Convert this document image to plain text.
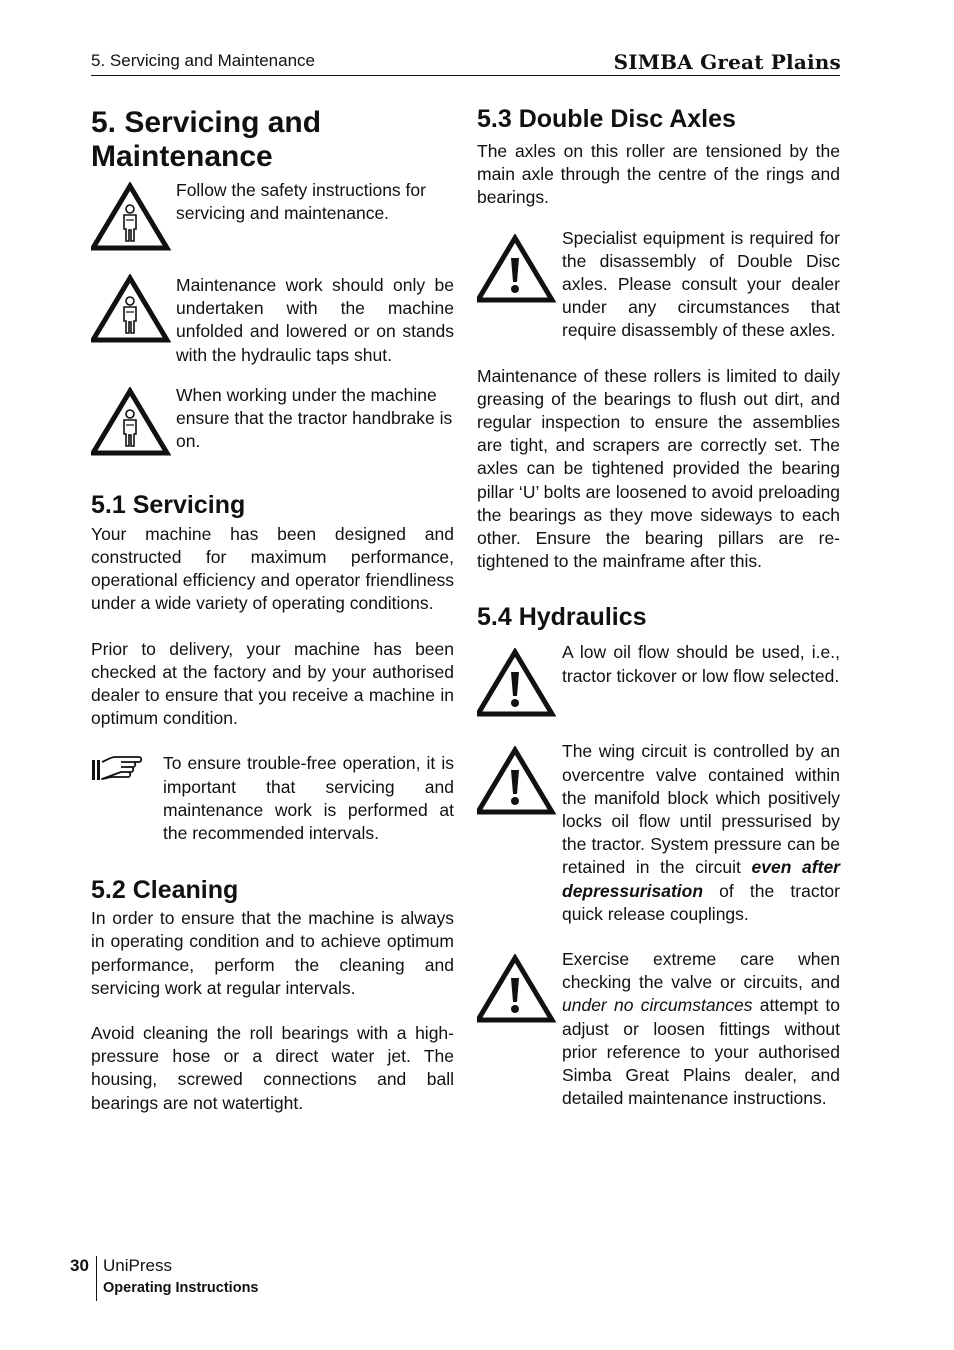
5. Servicing and Maintenance	SIMBA Great Plains
5. Servicing and
Maintenance

Follow the safety instructions for servicing and maintenance.

Maintenance work should only be undertaken with the machine unfolded and lowered or on stands with the hydraulic taps shut.

When working under the machine ensure that the tractor handbrake is on.

5.1 Servicing

Your machine has been designed and constructed for maximum performance, operational efficiency and operator friendliness under a wide variety of operating conditions.

Prior to delivery, your machine has been checked at the factory and by your authorised dealer to ensure that you receive a machine in optimum condition.

To ensure trouble-free operation, it is important that servicing and maintenance work is performed at the recommended intervals.

5.2 Cleaning

In order to ensure that the machine is always in operating condition and to achieve optimum performance, perform the cleaning and servicing work at regular intervals.

Avoid cleaning the roll bearings with a high-pressure hose or a direct water jet. The housing, screwed connections and ball bearings are not watertight.

5.3 Double Disc Axles

The axles on this roller are tensioned by the main axle through the centre of the rings and bearings.

Specialist equipment is required for the disassembly of Double Disc axles. Please consult your dealer under any circumstances that require disassembly of these axles.

Maintenance of these rollers is limited to daily greasing of the bearings to flush out dirt, and regular inspection to ensure the assemblies are tight, and scrapers are correctly set. The axles can be tightened provided the bearing pillar ‘U’ bolts are loosened to avoid preloading the bearings as they move sideways to each other. Ensure the bearing pillars are re-tightened to the mainframe after this.

5.4 Hydraulics

A low oil flow should be used, i.e., tractor tickover or low flow selected.

The wing circuit is controlled by an overcentre valve contained within the manifold block which positively locks oil flow until pressurised by the tractor. System pressure can be retained in the circuit even after depressurisation of the tractor quick release couplings.

Exercise extreme care when checking the valve or circuits, and under no circumstances attempt to adjust or loosen fittings without prior reference to your authorised Simba Great Plains dealer, and detailed maintenance instructions.

30 UniPress
Operating Instructions
